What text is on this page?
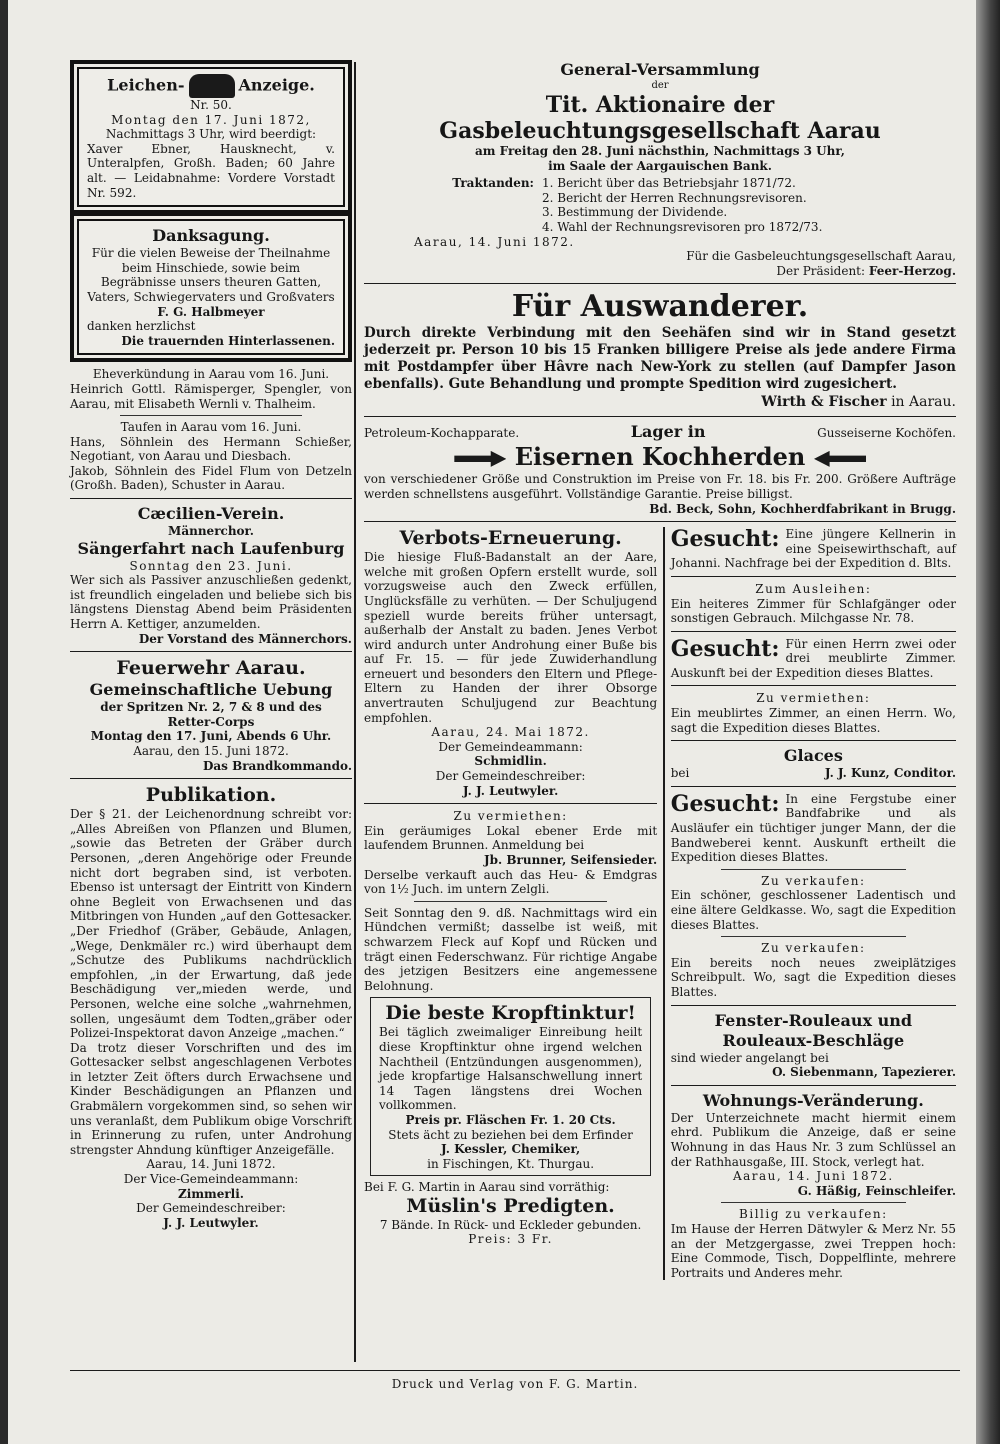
Leichen-	Anzeige.
Nr. 50.
Montag den 17. Juni 1872,
Nachmittags 3 Uhr, wird beerdigt:
Xaver Ebner, Hausknecht, v. Unteralpfen, Großh. Baden; 60 Jahre alt. — Leidabnahme: Vordere Vorstadt Nr. 592.
Danksagung.
Für die vielen Beweise der Theilnahme beim Hinschiede, sowie beim Begräbnisse unsers theuren Gatten, Vaters, Schwiegervaters und Großvaters
F. G. Halbmeyer
danken herzlichst
Die trauernden Hinterlassenen.
Eheverkündung in Aarau vom 16. Juni.
Heinrich Gottl. Rämisperger, Spengler, von Aarau, mit Elisabeth Wernli v. Thalheim.
Taufen in Aarau vom 16. Juni.
Hans, Söhnlein des Hermann Schießer, Negotiant, von Aarau und Diesbach.
Jakob, Söhnlein des Fidel Flum von Detzeln (Großh. Baden), Schuster in Aarau.
Cæcilien-Verein.
Männerchor.
Sängerfahrt nach Laufenburg
Sonntag den 23. Juni.
Wer sich als Passiver anzuschließen gedenkt, ist freundlich eingeladen und beliebe sich bis längstens Dienstag Abend beim Präsidenten Herrn A. Kettiger, anzumelden.
Der Vorstand des Männerchors.
Feuerwehr Aarau.
Gemeinschaftliche Uebung
der Spritzen Nr. 2, 7 & 8 und des
Retter-Corps
Montag den 17. Juni, Abends 6 Uhr.
Aarau, den 15. Juni 1872.
Das Brandkommando.
Publikation.
Der § 21. der Leichenordnung schreibt vor: „Alles Abreißen von Pflanzen und Blumen, „sowie das Betreten der Gräber durch Personen, „deren Angehörige oder Freunde nicht dort begraben sind, ist verboten. Ebenso ist untersagt der Eintritt von Kindern ohne Begleit von Erwachsenen und das Mitbringen von Hunden „auf den Gottesacker. „Der Friedhof (Gräber, Gebäude, Anlagen, „Wege, Denkmäler rc.) wird überhaupt dem „Schutze des Publikums nachdrücklich empfohlen, „in der Erwartung, daß jede Beschädigung ver„mieden werde, und Personen, welche eine solche „wahrnehmen, sollen, ungesäumt dem Todten„gräber oder Polizei-Inspektorat davon Anzeige „machen.“
Da trotz dieser Vorschriften und des im Gottesacker selbst angeschlagenen Verbotes in letzter Zeit öfters durch Erwachsene und Kinder Beschädigungen an Pflanzen und Grabmälern vorgekommen sind, so sehen wir uns veranlaßt, dem Publikum obige Vorschrift in Erinnerung zu rufen, unter Androhung strengster Ahndung künftiger Anzeigefälle.
Aarau, 14. Juni 1872.
Der Vice-Gemeindeammann:
Zimmerli.
Der Gemeindeschreiber:
J. J. Leutwyler.
General-Versammlung
der
Tit. Aktionaire der Gasbeleuchtungsgesellschaft Aarau
am Freitag den 28. Juni nächsthin, Nachmittags 3 Uhr,
im Saale der Aargauischen Bank.
Traktanden: 1. Bericht über das Betriebsjahr 1871/72.
2. Bericht der Herren Rechnungsrevisoren.
3. Bestimmung der Dividende.
4. Wahl der Rechnungsrevisoren pro 1872/73.
Aarau, 14. Juni 1872.
Für die Gasbeleuchtungsgesellschaft Aarau,
Der Präsident: Feer-Herzog.
Für Auswanderer.
Durch direkte Verbindung mit den Seehäfen sind wir in Stand gesetzt jederzeit pr. Person 10 bis 15 Franken billigere Preise als jede andere Firma mit Postdampfer über Hâvre nach New-York zu stellen (auf Dampfer Jason ebenfalls). Gute Behandlung und prompte Spedition wird zugesichert.
Wirth & Fischer in Aarau.
Petroleum-Kochapparate.	Lager in	Gusseiserne Kochöfen.
Eisernen Kochherden
von verschiedener Größe und Construktion im Preise von Fr. 18. bis Fr. 200. Größere Aufträge werden schnellstens ausgeführt. Vollständige Garantie. Preise billigst.
Bd. Beck, Sohn, Kochherdfabrikant in Brugg.
Verbots-Erneuerung.
Die hiesige Fluß-Badanstalt an der Aare, welche mit großen Opfern erstellt wurde, soll vorzugsweise auch den Zweck erfüllen, Unglücksfälle zu verhüten. — Der Schuljugend speziell wurde bereits früher untersagt, außerhalb der Anstalt zu baden. Jenes Verbot wird andurch unter Androhung einer Buße bis auf Fr. 15. — für jede Zuwiderhandlung erneuert und besonders den Eltern und Pflege-Eltern zu Handen der ihrer Obsorge anvertrauten Schuljugend zur Beachtung empfohlen.
Aarau, 24. Mai 1872.
Der Gemeindeammann:
Schmidlin.
Der Gemeindeschreiber:
J. J. Leutwyler.
Zu vermiethen:
Ein geräumiges Lokal ebener Erde mit laufendem Brunnen. Anmeldung bei
Jb. Brunner, Seifensieder.
Derselbe verkauft auch das Heu- & Emdgras von 1½ Juch. im untern Zelgli.
Seit Sonntag den 9. dß. Nachmittags wird ein Hündchen vermißt; dasselbe ist weiß, mit schwarzem Fleck auf Kopf und Rücken und trägt einen Federschwanz. Für richtige Angabe des jetzigen Besitzers eine angemessene Belohnung.
Die beste Kropftinktur!
Bei täglich zweimaliger Einreibung heilt diese Kropftinktur ohne irgend welchen Nachtheil (Entzündungen ausgenommen), jede kropfartige Halsanschwellung innert 14 Tagen längstens drei Wochen vollkommen.
Preis pr. Fläschen Fr. 1. 20 Cts.
Stets ächt zu beziehen bei dem Erfinder
J. Kessler, Chemiker,
in Fischingen, Kt. Thurgau.
Bei F. G. Martin in Aarau sind vorräthig:
Müslin's Predigten.
7 Bände. In Rück- und Eckleder gebunden.
Preis: 3 Fr.
Gesucht: Eine jüngere Kellnerin in eine Speisewirthschaft, auf Johanni. Nachfrage bei der Expedition d. Blts.
Zum Ausleihen:
Ein heiteres Zimmer für Schlafgänger oder sonstigen Gebrauch. Milchgasse Nr. 78.
Gesucht: Für einen Herrn zwei oder drei meublirte Zimmer. Auskunft bei der Expedition dieses Blattes.
Zu vermiethen:
Ein meublirtes Zimmer, an einen Herrn. Wo, sagt die Expedition dieses Blattes.
Glaces
bei	J. J. Kunz, Conditor.
Gesucht: In eine Fergstube einer Bandfabrike und als Ausläufer ein tüchtiger junger Mann, der die Bandweberei kennt. Auskunft ertheilt die Expedition dieses Blattes.
Zu verkaufen:
Ein schöner, geschlossener Ladentisch und eine ältere Geldkasse. Wo, sagt die Expedition dieses Blattes.
Zu verkaufen:
Ein bereits noch neues zweiplätziges Schreibpult. Wo, sagt die Expedition dieses Blattes.
Fenster-Rouleaux und
Rouleaux-Beschläge
sind wieder angelangt bei
O. Siebenmann, Tapezierer.
Wohnungs-Veränderung.
Der Unterzeichnete macht hiermit einem ehrd. Publikum die Anzeige, daß er seine Wohnung in das Haus Nr. 3 zum Schlüssel an der Rathhausgaße, III. Stock, verlegt hat.
Aarau, 14. Juni 1872.
G. Häßig, Feinschleifer.
Billig zu verkaufen:
Im Hause der Herren Dätwyler & Merz Nr. 55 an der Metzgergasse, zwei Treppen hoch: Eine Commode, Tisch, Doppelflinte, mehrere Portraits und Anderes mehr.
Druck und Verlag von F. G. Martin.
